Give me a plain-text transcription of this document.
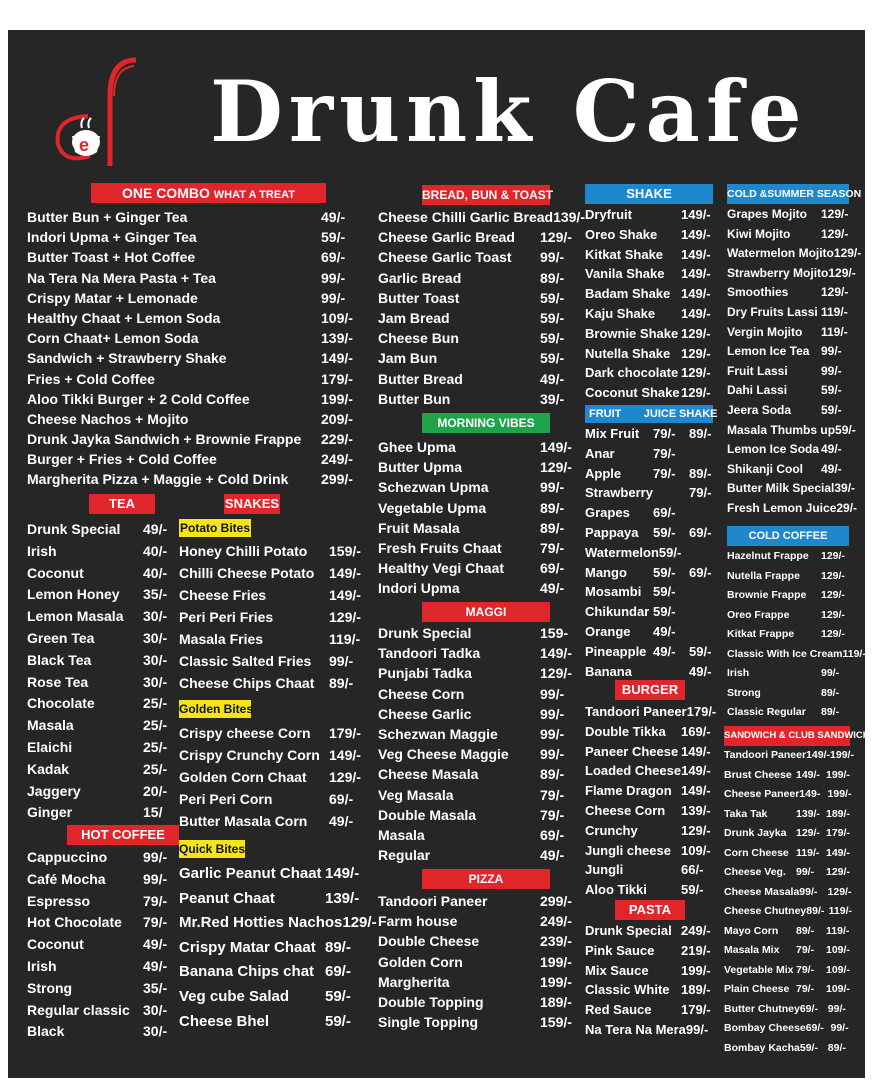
e Drunk Cafe
ONE COMBO WHAT A TREAT
Butter Bun + Ginger Tea	49/-
Indori Upma + Ginger Tea	59/-
Butter Toast + Hot Coffee	69/-
Na Tera Na Mera Pasta + Tea	99/-
Crispy Matar + Lemonade	99/-
Healthy Chaat + Lemon Soda	109/-
Corn Chaat+ Lemon Soda	139/-
Sandwich + Strawberry Shake	149/-
Fries + Cold Coffee	179/-
Aloo Tikki Burger + 2 Cold Coffee	199/-
Cheese Nachos + Mojito	209/-
Drunk Jayka Sandwich + Brownie Frappe	229/-
Burger + Fries + Cold Coffee	249/-
Margherita Pizza + Maggie + Cold Drink	299/-
TEA
Drunk Special	49/-
Irish	40/-
Coconut	40/-
Lemon Honey	35/-
Lemon Masala	30/-
Green Tea	30/-
Black Tea	30/-
Rose Tea	30/-
Chocolate	25/-
Masala	25/-
Elaichi	25/-
Kadak	25/-
Jaggery	20/-
Ginger	15/
HOT COFFEE
Cappuccino	99/-
Café Mocha	99/-
Espresso	79/-
Hot Chocolate	79/-
Coconut	49/-
Irish	49/-
Strong	35/-
Regular classic 30/-
Black	30/-
SNAKES
Potato Bites
Honey Chilli Potato	159/-
Chilli Cheese Potato	149/-
Cheese Fries	149/-
Peri Peri Fries	129/-
Masala Fries	119/-
Classic Salted Fries	99/-
Cheese Chips Chaat	89/-
Golden Bites
Crispy cheese Corn	179/-
Crispy Crunchy Corn 149/-
Golden Corn Chaat	129/-
Peri Peri Corn	69/-
Butter Masala Corn	49/-
Quick Bites
Garlic Peanut Chaat 149/-
Peanut Chaat	139/-
Mr.Red Hotties Nachos 129/-
Crispy Matar Chaat 89/-
Banana Chips chat 69/-
Veg cube Salad	59/-
Cheese Bhel	59/-
BREAD, BUN & TOAST
Cheese Chilli Garlic Bread 139/-
Cheese Garlic Bread	129/-
Cheese Garlic Toast	99/-
Garlic Bread	89/-
Butter Toast	59/-
Jam Bread	59/-
Cheese Bun	59/-
Jam Bun	59/-
Butter Bread	49/-
Butter Bun	39/-
MORNING VIBES
Ghee Upma	149/-
Butter Upma	129/-
Schezwan Upma	99/-
Vegetable Upma	89/-
Fruit Masala	89/-
Fresh Fruits Chaat	79/-
Healthy Vegi Chaat	69/-
Indori Upma	49/-
MAGGI
Drunk Special	159-
Tandoori Tadka	149/-
Punjabi Tadka	129/-
Cheese Corn	99/-
Cheese Garlic	99/-
Schezwan Maggie	99/-
Veg Cheese Maggie	99/-
Cheese Masala	89/-
Veg Masala	79/-
Double Masala	79/-
Masala	69/-
Regular	49/-
PIZZA
Tandoori Paneer	299/-
Farm house	249/-
Double Cheese	239/-
Golden Corn	199/-
Margherita	199/-
Double Topping	189/-
Single Topping	159/-
SHAKE
Dryfruit	149/-
Oreo Shake	149/-
Kitkat Shake	149/-
Vanila Shake	149/-
Badam Shake 149/-
Kaju Shake	149/-
Brownie Shake 129/-
Nutella Shake 129/-
Dark chocolate 129/-
Coconut Shake 129/-
FRUIT	JUICE SHAKE
Mix Fruit	79/-	89/-
Anar	79/-
Apple	79/-	89/-
Strawberry	79/-
Grapes	69/-
Pappaya	59/-	69/-
Watermelon 59/-
Mango	59/-	69/-
Mosambi 59/-
Chikundar 59/-
Orange	49/-
Pineapple 49/-	59/-
Banana	49/-
BURGER
Tandoori Paneer 179/-
Double Tikka	169/-
Paneer Cheese 149/-
Loaded Cheese 149/-
Flame Dragon 149/-
Cheese Corn	139/-
Crunchy	129/-
Jungli cheese 109/-
Jungli	66/-
Aloo Tikki	59/-
PASTA
Drunk Special 249/-
Pink Sauce	219/-
Mix Sauce	199/-
Classic White 189/-
Red Sauce	179/-
Na Tera Na Mera 99/-
COLD &SUMMER SEASON
Grapes Mojito	129/-
Kiwi Mojito	129/-
Watermelon Mojito 129/-
Strawberry Mojito 129/-
Smoothies	129/-
Dry Fruits Lassi 119/-
Vergin Mojito	119/-
Lemon Ice Tea 99/-
Fruit Lassi	99/-
Dahi Lassi	59/-
Jeera Soda	59/-
Masala Thumbs up 59/-
Lemon Ice Soda 49/-
Shikanji Cool	49/-
Butter Milk Special 39/-
Fresh Lemon Juice 29/-
COLD COFFEE
Hazelnut Frappe	129/-
Nutella Frappe	129/-
Brownie Frappe	129/-
Oreo Frappe	129/-
Kitkat Frappe	129/-
Classic With Ice Cream 119/-
Irish	99/-
Strong	89/-
Classic Regular	89/-
SANDWICH & CLUB SANDWICH
Tandoori Paneer 149/- 199/-
Brust Cheese 149/- 199/-
Cheese Paneer 149- 199/-
Taka Tak	139/- 189/-
Drunk Jayka 129/- 179/-
Corn Cheese 119/- 149/-
Cheese Veg. 99/-	129/-
Cheese Masala 99/- 129/-
Cheese Chutney 89/- 119/-
Mayo Corn	89/-	119/-
Masala Mix	79/-	109/-
Vegetable Mix 79/-	109/-
Plain Cheese 79/-	109/-
Butter Chutney 69/- 99/-
Bombay Cheese 69/- 99/-
Bombay Kacha 59/- 89/-
